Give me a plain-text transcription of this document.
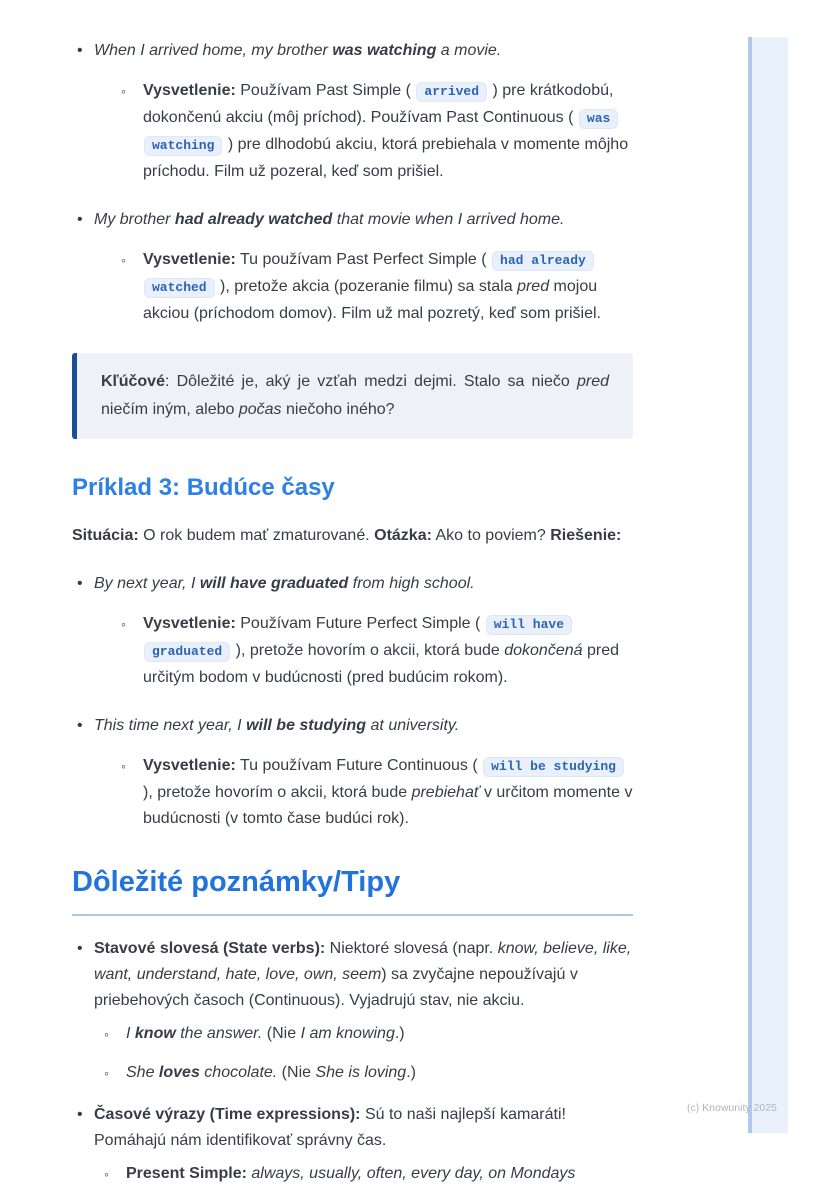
• When I arrived home, my brother was watching a movie.
◦	Vysvetlenie: Používam Past Simple ( arrived ) pre krátkodobú, dokončenú akciu (môj príchod). Používam Past Continuous ( was watching ) pre dlhodobú akciu, ktorá prebiehala v momente môjho príchodu. Film už pozeral, keď som prišiel.
• My brother had already watched that movie when I arrived home.
◦	Vysvetlenie: Tu používam Past Perfect Simple ( had already watched ), pretože akcia (pozeranie filmu) sa stala pred mojou akciou (príchodom domov). Film už mal pozretý, keď som prišiel.
Kľúčové: Dôležité je, aký je vzťah medzi dejmi. Stalo sa niečo pred niečím iným, alebo počas niečoho iného?
Príklad 3: Budúce časy
Situácia: O rok budem mať zmaturované. Otázka: Ako to poviem? Riešenie:
• By next year, I will have graduated from high school.
◦	Vysvetlenie: Používam Future Perfect Simple ( will have graduated ), pretože hovorím o akcii, ktorá bude dokončená pred určitým bodom v budúcnosti (pred budúcim rokom).
• This time next year, I will be studying at university.
◦	Vysvetlenie: Tu používam Future Continuous ( will be studying ), pretože hovorím o akcii, ktorá bude prebiehať v určitom momente v budúcnosti (v tomto čase budúci rok).
Dôležité poznámky/Tipy
• Stavové slovesá (State verbs): Niektoré slovesá (napr. know, believe, like, want, understand, hate, love, own, seem) sa zvyčajne nepoužívajú v priebehových časoch (Continuous). Vyjadrujú stav, nie akciu.
◦	I know the answer. (Nie I am knowing.)
◦	She loves chocolate. (Nie She is loving.)
• Časové výrazy (Time expressions): Sú to naši najlepší kamaráti! Pomáhajú nám identifikovať správny čas.
◦	Present Simple: always, usually, often, every day, on Mondays
(c) Knowunity 2025
